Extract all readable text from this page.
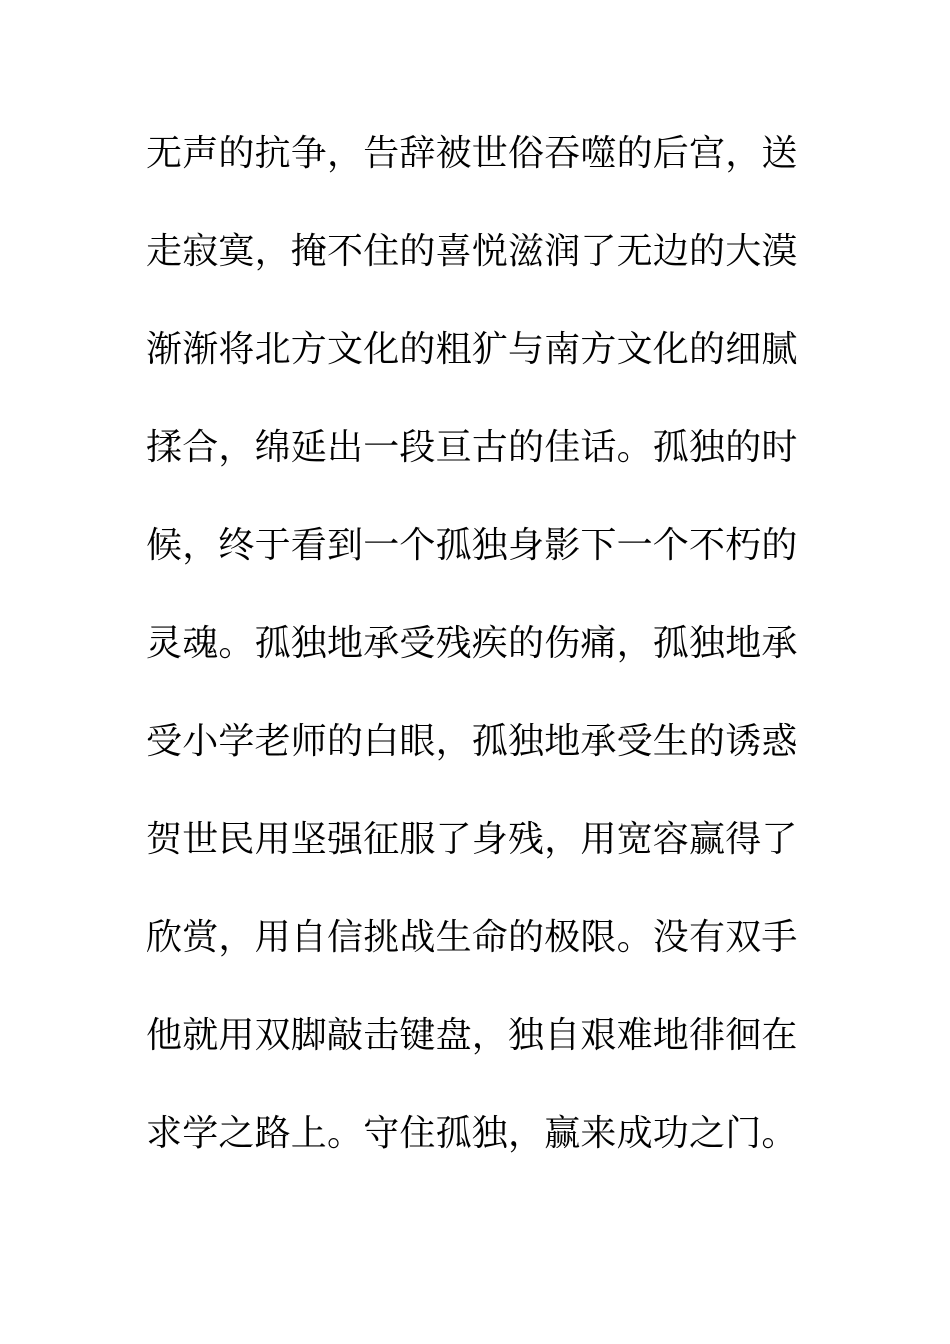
无声的抗争，告辞被世俗吞噬的后宫，送
走寂寞，掩不住的喜悦滋润了无边的大漠
渐渐将北方文化的粗犷与南方文化的细腻
揉合，绵延出一段亘古的佳话。孤独的时
候，终于看到一个孤独身影下一个不朽的
灵魂。孤独地承受残疾的伤痛，孤独地承
受小学老师的白眼，孤独地承受生的诱惑
贺世民用坚强征服了身残，用宽容赢得了
欣赏，用自信挑战生命的极限。没有双手
他就用双脚敲击键盘，独自艰难地徘徊在
求学之路上。守住孤独，赢来成功之门。
